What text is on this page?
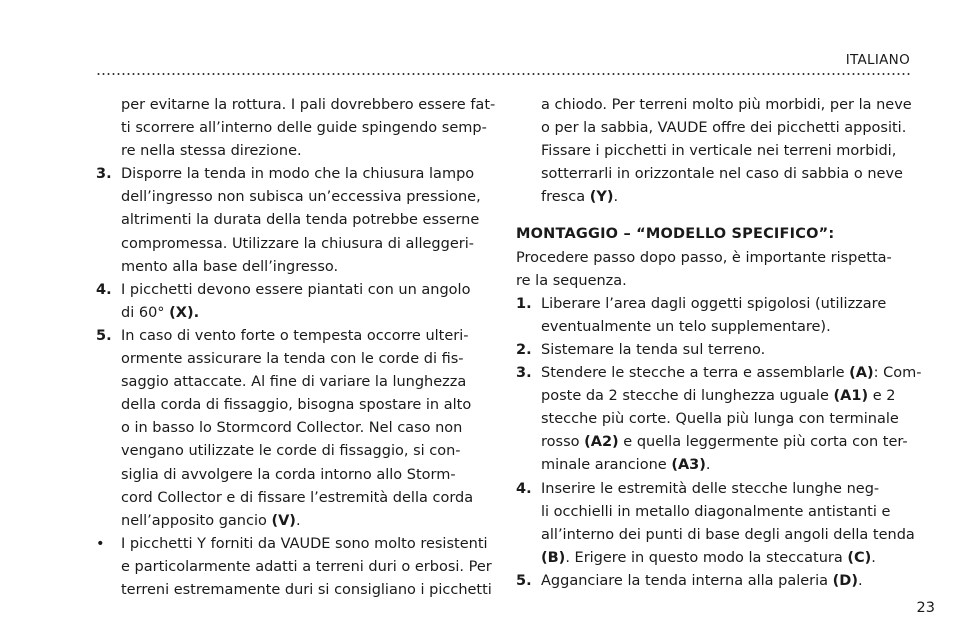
ITALIANO
per evitarne la rottura. I pali dovrebbero essere fat-
ti scorrere all’interno delle guide spingendo semp-
re nella stessa direzione.
3. Disporre la tenda in modo che la chiusura lampo
dell’ingresso non subisca un’eccessiva pressione,
altrimenti la durata della tenda potrebbe esserne
compromessa. Utilizzare la chiusura di alleggeri-
mento alla base dell’ingresso.
4. I picchetti devono essere piantati con un angolo
di 60° (X).
5. In caso di vento forte o tempesta occorre ulteri-
ormente assicurare la tenda con le corde di fis-
saggio attaccate. Al fine di variare la lunghezza
della corda di fissaggio, bisogna spostare in alto
o in basso lo Stormcord Collector. Nel caso non
vengano utilizzate le corde di fissaggio, si con-
siglia di avvolgere la corda intorno allo Storm-
cord Collector e di fissare l’estremità della corda
nell’apposito gancio (V).
• I picchetti Y forniti da VAUDE sono molto resistenti
e particolarmente adatti a terreni duri o erbosi. Per
terreni estremamente duri si consigliano i picchetti
a chiodo. Per terreni molto più morbidi, per la neve
o per la sabbia, VAUDE offre dei picchetti appositi.
Fissare i picchetti in verticale nei terreni morbidi,
sotterrarli in orizzontale nel caso di sabbia o neve
fresca (Y).
MONTAGGIO – “MODELLO SPECIFICO”:
Procedere passo dopo passo, è importante rispetta-
re la sequenza.
1. Liberare l’area dagli oggetti spigolosi (utilizzare
eventualmente un telo supplementare).
2. Sistemare la tenda sul terreno.
3. Stendere le stecche a terra e assemblarle (A): Com-
poste da 2 stecche di lunghezza uguale (A1) e 2
stecche più corte. Quella più lunga con terminale
rosso (A2) e quella leggermente più corta con ter-
minale arancione (A3).
4. Inserire le estremità delle stecche lunghe neg-
li occhielli in metallo diagonalmente antistanti e
all’interno dei punti di base degli angoli della tenda
(B). Erigere in questo modo la steccatura (C).
5. Agganciare la tenda interna alla paleria (D).
23
